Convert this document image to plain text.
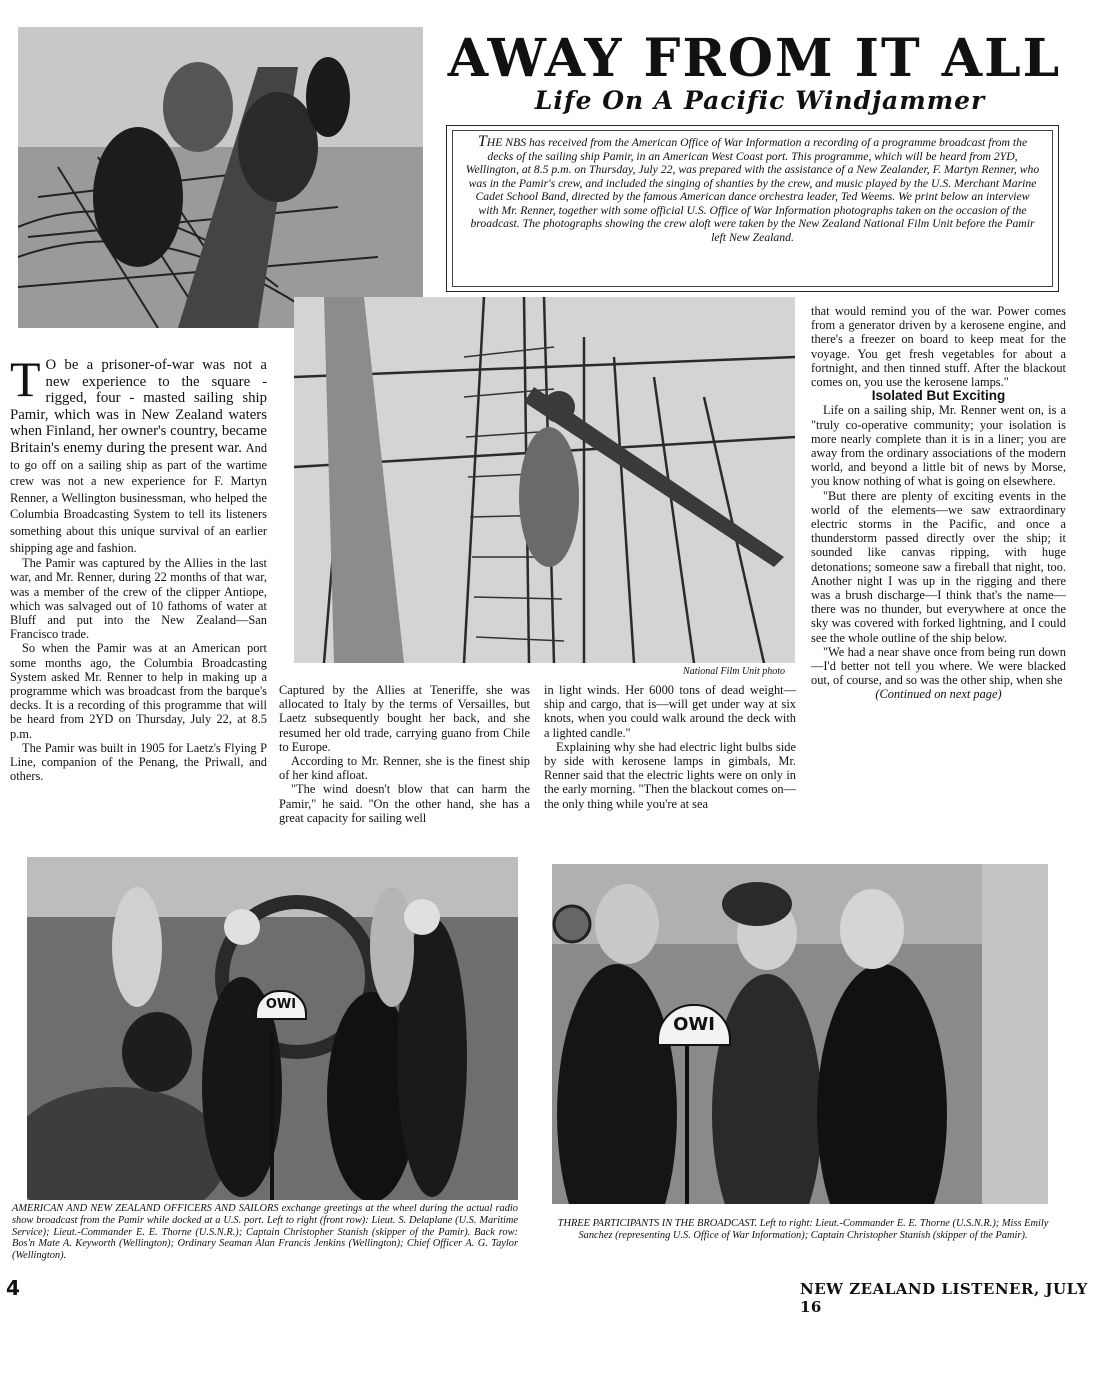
AWAY FROM IT ALL
Life On A Pacific Windjammer
THE NBS has received from the American Office of War Information a recording of a programme broadcast from the decks of the sailing ship Pamir, in an American West Coast port. This programme, which will be heard from 2YD, Wellington, at 8.5 p.m. on Thursday, July 22, was prepared with the assistance of a New Zealander, F. Martyn Renner, who was in the Pamir's crew, and included the singing of shanties by the crew, and music played by the U.S. Merchant Marine Cadet School Band, directed by the famous American dance orchestra leader, Ted Weems. We print below an interview with Mr. Renner, together with some official U.S. Office of War Information photographs taken on the occasion of the broadcast. The photographs showing the crew aloft were taken by the New Zealand National Film Unit before the Pamir left New Zealand.
National Film Unit photo

T O be a prisoner-of-war was not a new experience to the square - rigged, four - masted sailing ship Pamir, which was in New Zealand waters when Finland, her owner's country, became Britain's enemy during the present war. And to go off on a sailing ship as part of the wartime crew was not a new experience for F. Martyn Renner, a Wellington businessman, who helped the Columbia Broadcasting System to tell its listeners something about this unique survival of an earlier shipping age and fashion.

The Pamir was captured by the Allies in the last war, and Mr. Renner, during 22 months of that war, was a member of the crew of the clipper Antiope, which was salvaged out of 10 fathoms of water at Bluff and put into the New Zealand—San Francisco trade.

So when the Pamir was at an American port some months ago, the Columbia Broadcasting System asked Mr. Renner to help in making up a programme which was broadcast from the barque's decks. It is a recording of this programme that will be heard from 2YD on Thursday, July 22, at 8.5 p.m.

The Pamir was built in 1905 for Laetz's Flying P Line, companion of the Penang, the Priwall, and others.

Captured by the Allies at Teneriffe, she was allocated to Italy by the terms of Versailles, but Laetz subsequently bought her back, and she resumed her old trade, carrying guano from Chile to Europe.

According to Mr. Renner, she is the finest ship of her kind afloat.

"The wind doesn't blow that can harm the Pamir," he said. "On the other hand, she has a great capacity for sailing well

in light winds. Her 6000 tons of dead weight—ship and cargo, that is—will get under way at six knots, when you could walk around the deck with a lighted candle."

Explaining why she had electric light bulbs side by side with kerosene lamps in gimbals, Mr. Renner said that the electric lights were on only in the early morning. "Then the blackout comes on—the only thing while you're at sea

that would remind you of the war. Power comes from a generator driven by a kerosene engine, and there's a freezer on board to keep meat for the voyage. You get fresh vegetables for about a fortnight, and then tinned stuff. After the blackout comes on, you use the kerosene lamps."

Isolated But Exciting

Life on a sailing ship, Mr. Renner went on, is a "truly co-operative community; your isolation is more nearly complete than it is in a liner; you are away from the ordinary associations of the modern world, and beyond a little bit of news by Morse, you know nothing of what is going on elsewhere.

"But there are plenty of exciting events in the world of the elements—we saw extraordinary electric storms in the Pacific, and once a thunderstorm passed directly over the ship; it sounded like canvas ripping, with huge detonations; someone saw a fireball that night, too. Another night I was up in the rigging and there was a brush discharge—I think that's the name—there was no thunder, but everywhere at once the sky was covered with forked lightning, and I could see the whole outline of the ship below.

"We had a near shave once from being run down—I'd better not tell you where. We were blacked out, of course, and so was the other ship, when she

(Continued on next page)

OWI
OWI
AMERICAN AND NEW ZEALAND OFFICERS AND SAILORS exchange greetings at the wheel during the actual radio show broadcast from the Pamir while docked at a U.S. port. Left to right (front row): Lieut. S. Delaplane (U.S. Maritime Service); Lieut.-Commander E. E. Thorne (U.S.N.R.); Captain Christopher Stanish (skipper of the Pamir). Back row: Bos'n Mate A. Keyworth (Wellington); Ordinary Seaman Alan Francis Jenkins (Wellington); Chief Officer A. G. Taylor (Wellington).
THREE PARTICIPANTS IN THE BROADCAST. Left to right: Lieut.-Commander E. E. Thorne (U.S.N.R.); Miss Emily Sanchez (representing U.S. Office of War Information); Captain Christopher Stanish (skipper of the Pamir).
4	NEW ZEALAND LISTENER, JULY 16
